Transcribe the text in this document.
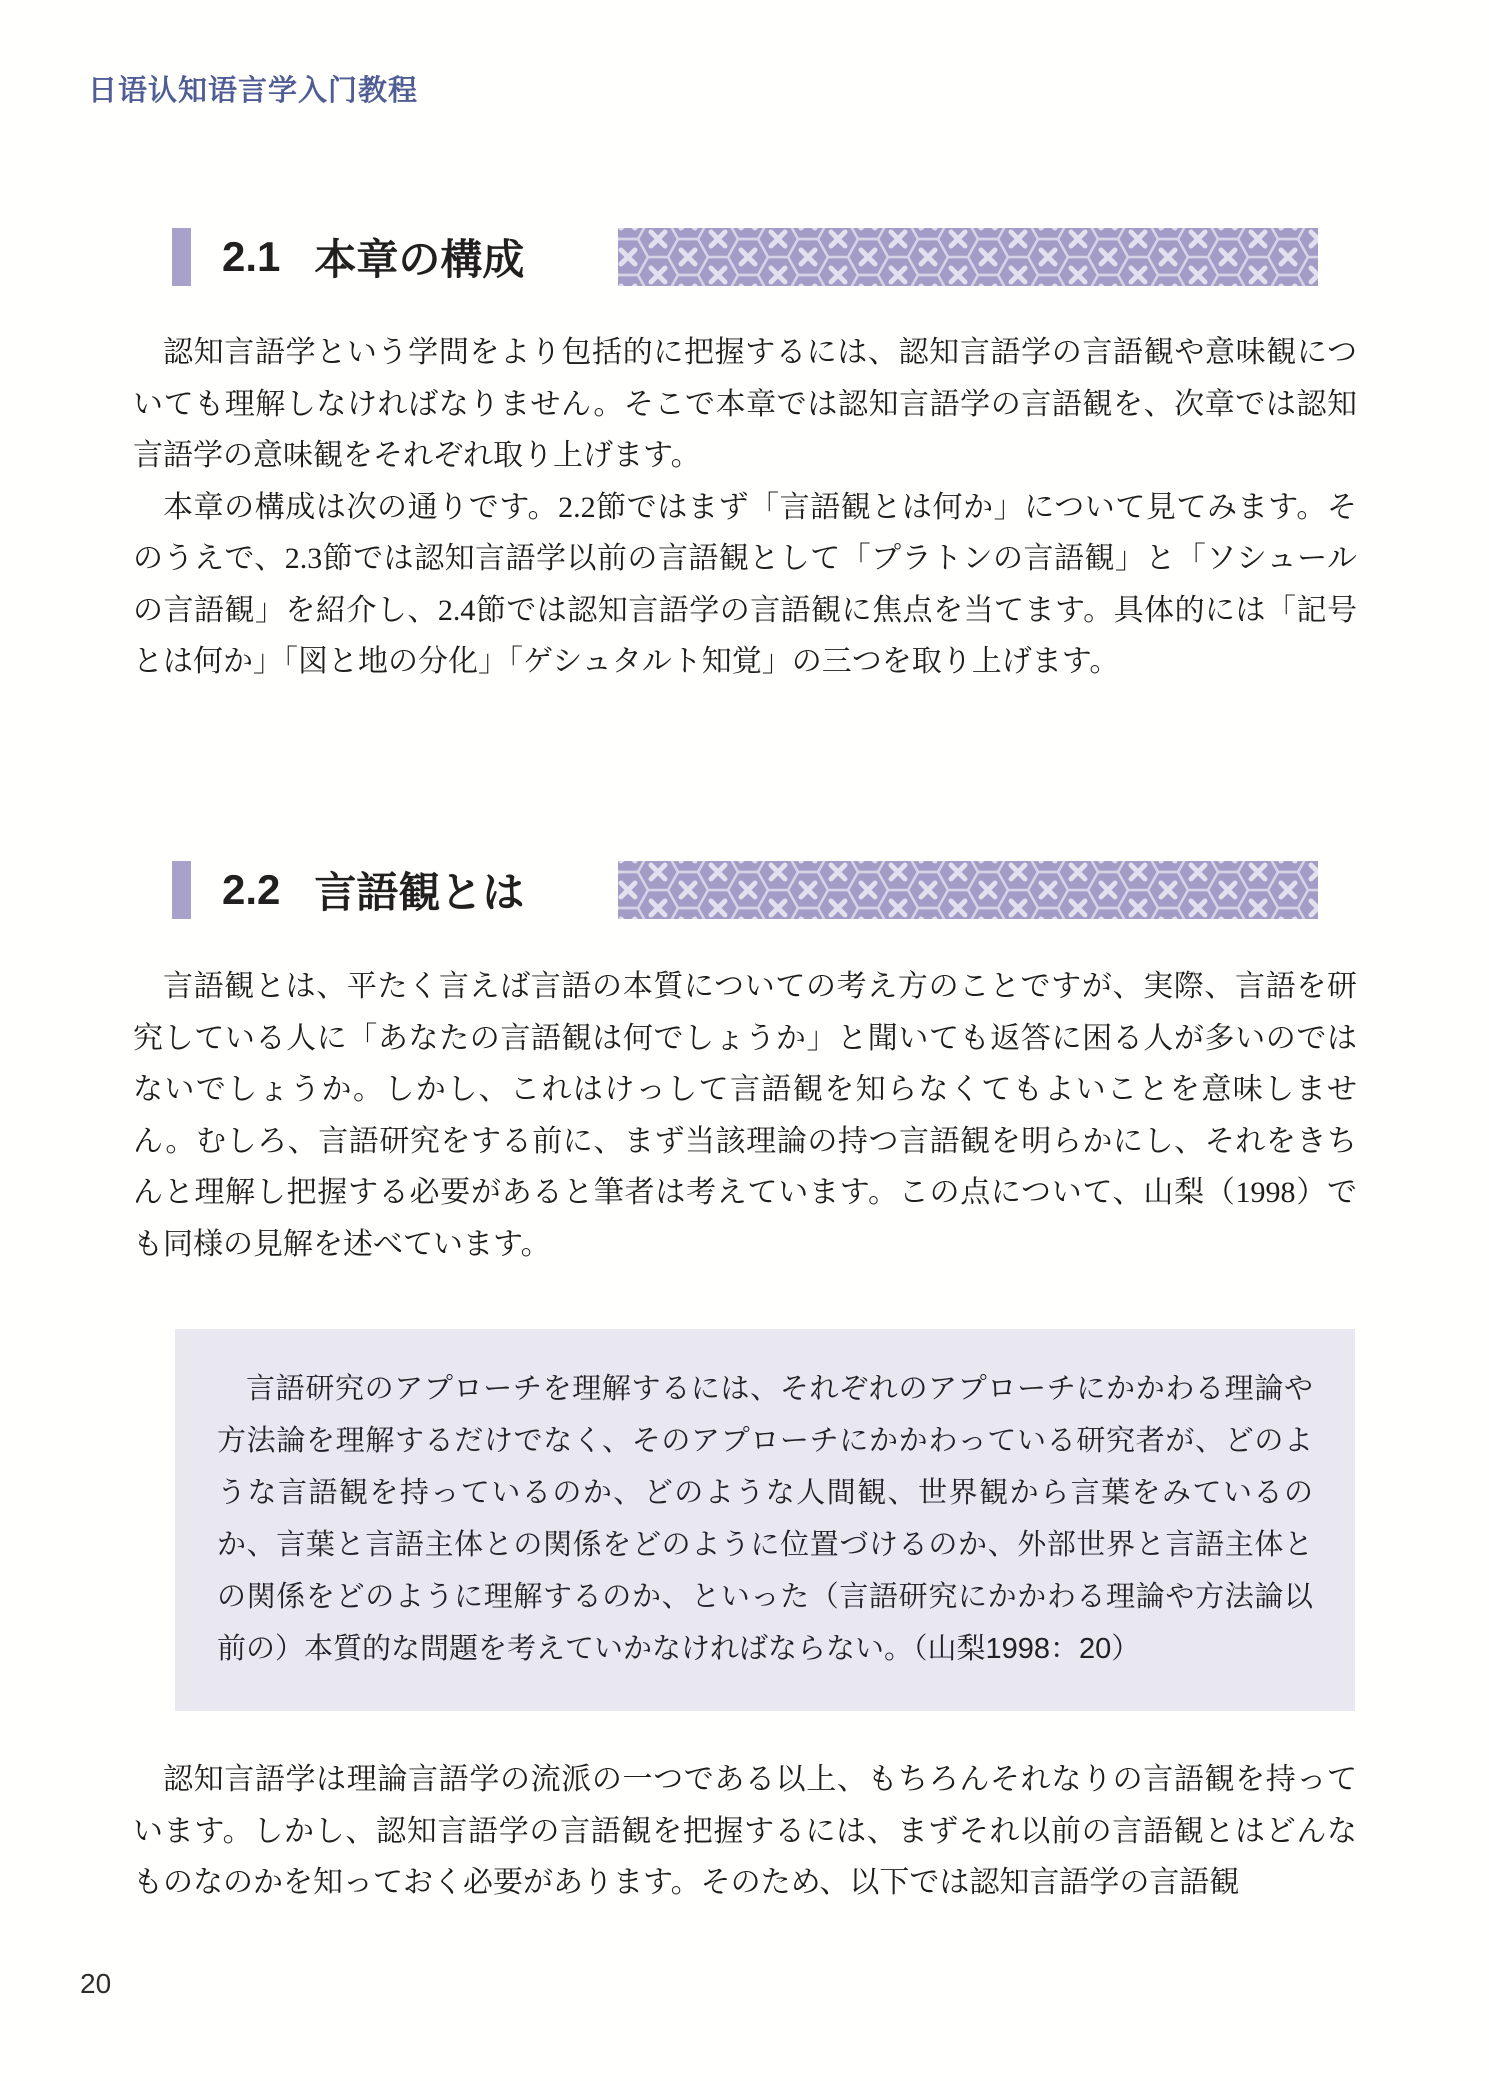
日语认知语言学入门教程
2.1 本章の構成

認知言語学という学問をより包括的に把握するには、認知言語学の言語観や意味観についても理解しなければなりません。そこで本章では認知言語学の言語観を、次章では認知言語学の意味観をそれぞれ取り上げます。

本章の構成は次の通りです。2.2節ではまず「言語観とは何か」について見てみます。そのうえで、2.3節では認知言語学以前の言語観として「プラトンの言語観」と「ソシュールの言語観」を紹介し、2.4節では認知言語学の言語観に焦点を当てます。具体的には「記号とは何か」「図と地の分化」「ゲシュタルト知覚」の三つを取り上げます。

2.2 言語観とは

言語観とは、平たく言えば言語の本質についての考え方のことですが、実際、言語を研究している人に「あなたの言語観は何でしょうか」と聞いても返答に困る人が多いのではないでしょうか。しかし、これはけっして言語観を知らなくてもよいことを意味しません。むしろ、言語研究をする前に、まず当該理論の持つ言語観を明らかにし、それをきちんと理解し把握する必要があると筆者は考えています。この点について、山梨（1998）でも同様の見解を述べています。

言語研究のアプローチを理解するには、それぞれのアプローチにかかわる理論や方法論を理解するだけでなく、そのアプローチにかかわっている研究者が、どのような言語観を持っているのか、どのような人間観、世界観から言葉をみているのか、言葉と言語主体との関係をどのように位置づけるのか、外部世界と言語主体との関係をどのように理解するのか、といった（言語研究にかかわる理論や方法論以前の）本質的な問題を考えていかなければならない。（山梨1998：20）

認知言語学は理論言語学の流派の一つである以上、もちろんそれなりの言語観を持っています。しかし、認知言語学の言語観を把握するには、まずそれ以前の言語観とはどんなものなのかを知っておく必要があります。そのため、以下では認知言語学の言語観

20
